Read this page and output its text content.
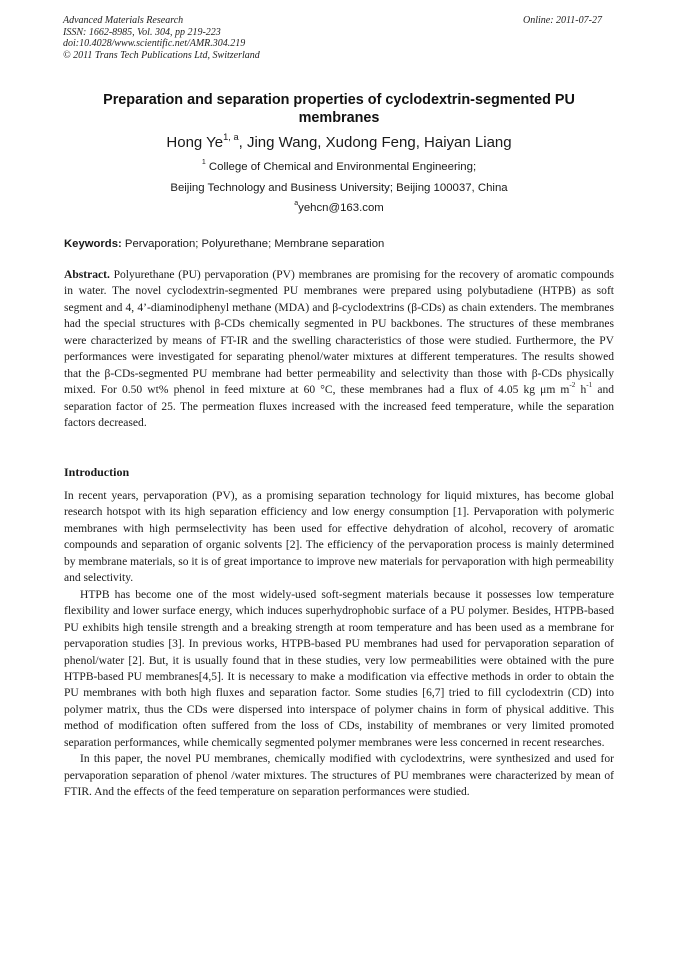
Advanced Materials Research
ISSN: 1662-8985, Vol. 304, pp 219-223
doi:10.4028/www.scientific.net/AMR.304.219
© 2011 Trans Tech Publications Ltd, Switzerland
Online: 2011-07-27
Preparation and separation properties of cyclodextrin-segmented PU membranes
Hong Ye$^{1, a}$, Jing Wang, Xudong Feng, Haiyan Liang
$^1$ College of Chemical and Environmental Engineering;
Beijing Technology and Business University; Beijing 100037, China
$^a$yehcn@163.com
Keywords: Pervaporation; Polyurethane; Membrane separation
Abstract. Polyurethane (PU) pervaporation (PV) membranes are promising for the recovery of aromatic compounds in water. The novel cyclodextrin-segmented PU membranes were prepared using polybutadiene (HTPB) as soft segment and 4, 4’-diaminodiphenyl methane (MDA) and β-cyclodextrins (β-CDs) as chain extenders. The membranes had the special structures with β-CDs chemically segmented in PU backbones. The structures of these membranes were characterized by means of FT-IR and the swelling characteristics of those were studied. Furthermore, the PV performances were investigated for separating phenol/water mixtures at different temperatures. The results showed that the β-CDs-segmented PU membrane had better permeability and selectivity than those with β-CDs physically mixed. For 0.50 wt% phenol in feed mixture at 60 °C, these membranes had a flux of 4.05 kg μm $m^{-2}$ $h^{-1}$ and separation factor of 25. The permeation fluxes increased with the increased feed temperature, while the separation factors decreased.
Introduction

In recent years, pervaporation (PV), as a promising separation technology for liquid mixtures, has become global research hotspot with its high separation efficiency and low energy consumption [1]. Pervaporation with polymeric membranes with high permselectivity has been used for effective dehydration of alcohol, recovery of aromatic compounds and separation of organic solvents [2]. The efficiency of the pervaporation process is mainly determined by membrane materials, so it is of great importance to improve new materials for pervaporation with high permeability and selectivity.

HTPB has become one of the most widely-used soft-segment materials because it possesses low temperature flexibility and lower surface energy, which induces superhydrophobic surface of a PU polymer. Besides, HTPB-based PU exhibits high tensile strength and a breaking strength at room temperature and has been used as a membrane for pervaporation studies [3]. In previous works, HTPB-based PU membranes had used for pervaporation separation of phenol/water [2]. But, it is usually found that in these studies, very low permeabilities were obtained with the pure HTPB-based PU membranes[4,5]. It is necessary to make a modification via effective methods in order to obtain the PU membranes with both high fluxes and separation factor. Some studies [6,7] tried to fill cyclodextrin (CD) into polymer matrix, thus the CDs were dispersed into interspace of polymer chains in form of physical additive. This method of modification often suffered from the loss of CDs, instability of membranes or very limited promoted separation performances, while chemically segmented polymer membranes were less concerned in recent researches.

In this paper, the novel PU membranes, chemically modified with cyclodextrins, were synthesized and used for pervaporation separation of phenol /water mixtures. The structures of PU membranes were characterized by mean of FTIR. And the effects of the feed temperature on separation performances were studied.
